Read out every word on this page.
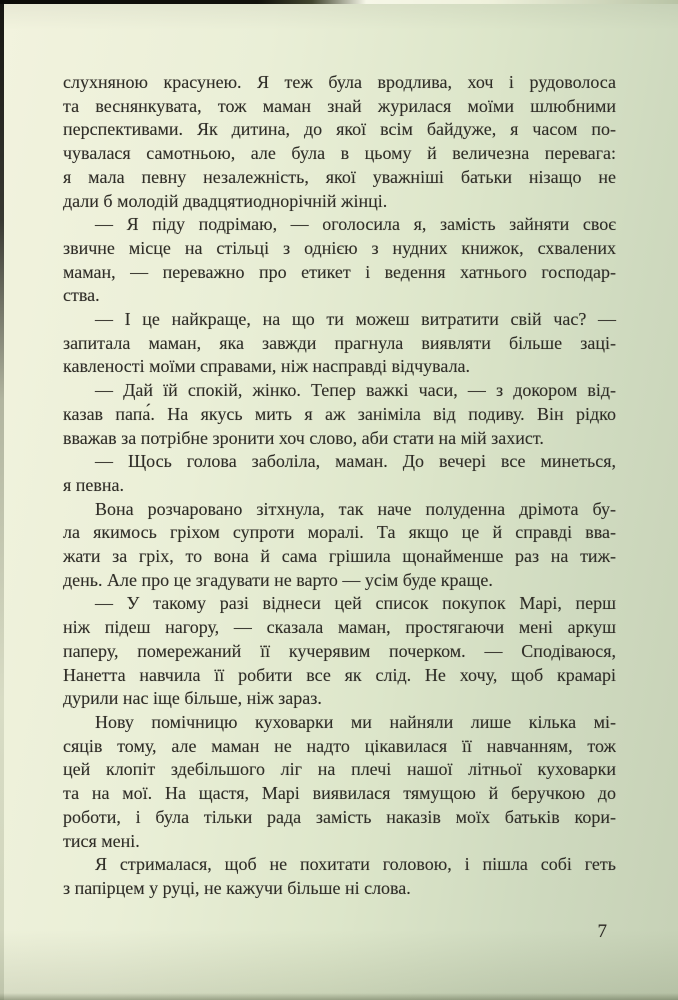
слухняною красунею. Я теж була вродлива, хоч і рудоволоса
та веснянкувата, тож маман знай журилася моїми шлюбними
перспективами. Як дитина, до якої всім байдуже, я часом по-
чувалася самотньою, але була в цьому й величезна перевага:
я мала певну незалежність, якої уважніші батьки нізащо не
дали б молодій двадцятиоднорічній жінці.
— Я піду подрімаю, — оголосила я, замість зайняти своє
звичне місце на стільці з однією з нудних книжок, схвалених
маман, — переважно про етикет і ведення хатнього господар-
ства.
— І це найкраще, на що ти можеш витратити свій час? —
запитала маман, яка завжди прагнула виявляти більше заці-
кавленості моїми справами, ніж насправді відчувала.
— Дай їй спокій, жінко. Тепер важкі часи, — з докором від-
казав папа́. На якусь мить я аж заніміла від подиву. Він рідко
вважав за потрібне зронити хоч слово, аби стати на мій захист.
— Щось голова заболіла, маман. До вечері все минеться,
я певна.
Вона розчаровано зітхнула, так наче полуденна дрімота бу-
ла якимось гріхом супроти моралі. Та якщо це й справді вва-
жати за гріх, то вона й сама грішила щонайменше раз на тиж-
день. Але про це згадувати не варто — усім буде краще.
— У такому разі віднеси цей список покупок Марі, перш
ніж підеш нагору, — сказала маман, простягаючи мені аркуш
паперу, помережаний її кучерявим почерком. — Сподіваюся,
Нанетта навчила її робити все як слід. Не хочу, щоб крамарі
дурили нас іще більше, ніж зараз.
Нову помічницю куховарки ми найняли лише кілька мі-
сяців тому, але маман не надто цікавилася її навчанням, тож
цей клопіт здебільшого ліг на плечі нашої літньої куховарки
та на мої. На щастя, Марі виявилася тямущою й беручкою до
роботи, і була тільки рада замість наказів моїх батьків кори-
тися мені.
Я стрималася, щоб не похитати головою, і пішла собі геть
з папірцем у руці, не кажучи більше ні слова.
7
